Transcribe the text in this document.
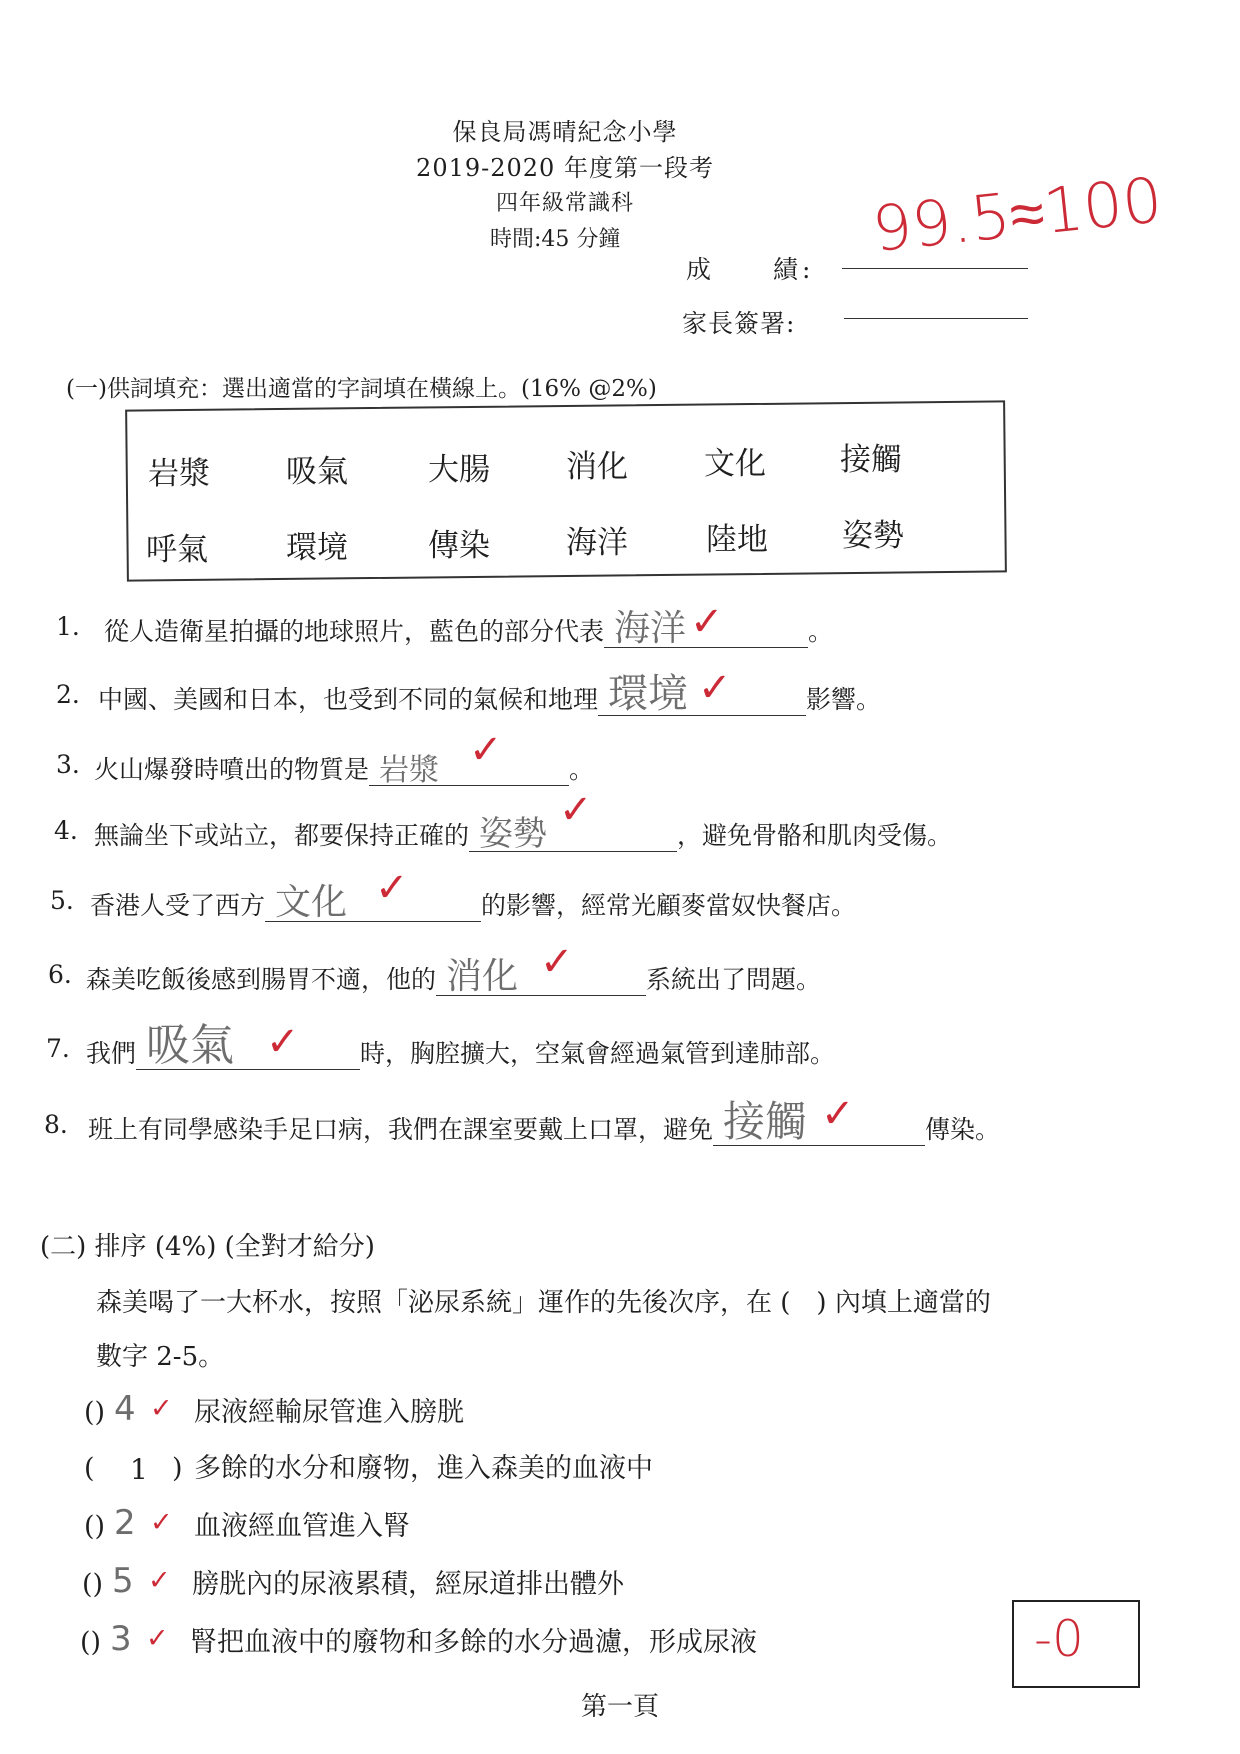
保良局馮晴紀念小學
2019-2020 年度第一段考
四年級常識科
時間:45 分鐘
成　　績:
99.5≈100
家長簽署:
(一)供詞填充：選出適當的字詞填在橫線上。(16% @2%)
岩漿 吸氣	大腸 消化 文化 接觸
呼氣	環境	傳染 海洋	陸地 姿勢
1. 從人造衛星拍攝的地球照片，藍色的部分代表 海洋 ✓	。
2. 中國、美國和日本，也受到不同的氣候和地理 環境 ✓	影響。
3. 火山爆發時噴出的物質是 岩漿 ✓	。
4. 無論坐下或站立，都要保持正確的 姿勢
✓
，避免骨骼和肌肉受傷。
5. 香港人受了西方 文化 ✓	的影響，經常光顧麥當奴快餐店。
6. 森美吃飯後感到腸胃不適，他的 消化 ✓	系統出了問題。
7. 我們 吸氣 ✓ 時，胸腔擴大，空氣會經過氣管到達肺部。
8. 班上有同學感染手足口病，我們在課室要戴上口罩，避免 接觸 ✓	傳染。
(二) 排序 (4%) (全對才給分)
森美喝了一大杯水，按照「泌尿系統」運作的先後次序，在 (　) 內填上適當的
數字 2-5。
( 4 ✓
)	尿液經輸尿管進入膀胱
( 1 ) 多餘的水分和廢物，進入森美的血液中
( 2 ✓
)	血液經血管進入腎
( 5 ✓
)	膀胱內的尿液累積，經尿道排出體外
( 3 ✓
)	腎把血液中的廢物和多餘的水分過濾，形成尿液	-0
第一頁
